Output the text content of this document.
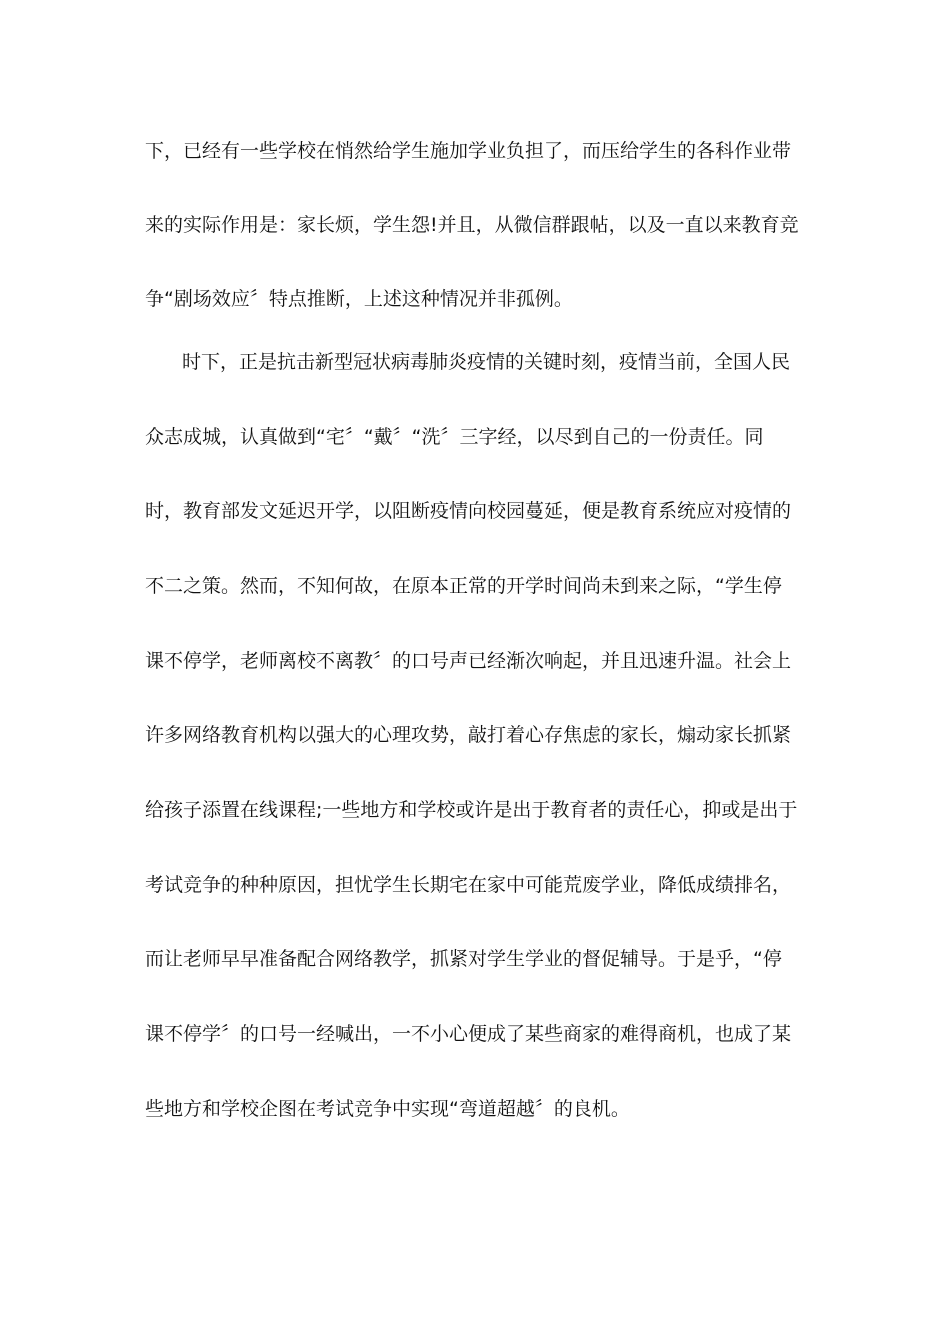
下，已经有一些学校在悄然给学生施加学业负担了，而压给学生的各科作业带
来的实际作用是：家长烦，学生怨!并且，从微信群跟帖，以及一直以来教育竞
争“剧场效应〞特点推断，上述这种情况并非孤例。
时下，正是抗击新型冠状病毒肺炎疫情的关键时刻，疫情当前，全国人民
众志成城，认真做到“宅〞“戴〞“洗〞三字经，以尽到自己的一份责任。同
时，教育部发文延迟开学，以阻断疫情向校园蔓延，便是教育系统应对疫情的
不二之策。然而，不知何故，在原本正常的开学时间尚未到来之际，“学生停
课不停学，老师离校不离教〞的口号声已经渐次响起，并且迅速升温。社会上
许多网络教育机构以强大的心理攻势，敲打着心存焦虑的家长，煽动家长抓紧
给孩子添置在线课程;一些地方和学校或许是出于教育者的责任心，抑或是出于
考试竞争的种种原因，担忧学生长期宅在家中可能荒废学业，降低成绩排名，
而让老师早早准备配合网络教学，抓紧对学生学业的督促辅导。于是乎，“停
课不停学〞的口号一经喊出，一不小心便成了某些商家的难得商机，也成了某
些地方和学校企图在考试竞争中实现“弯道超越〞的良机。
